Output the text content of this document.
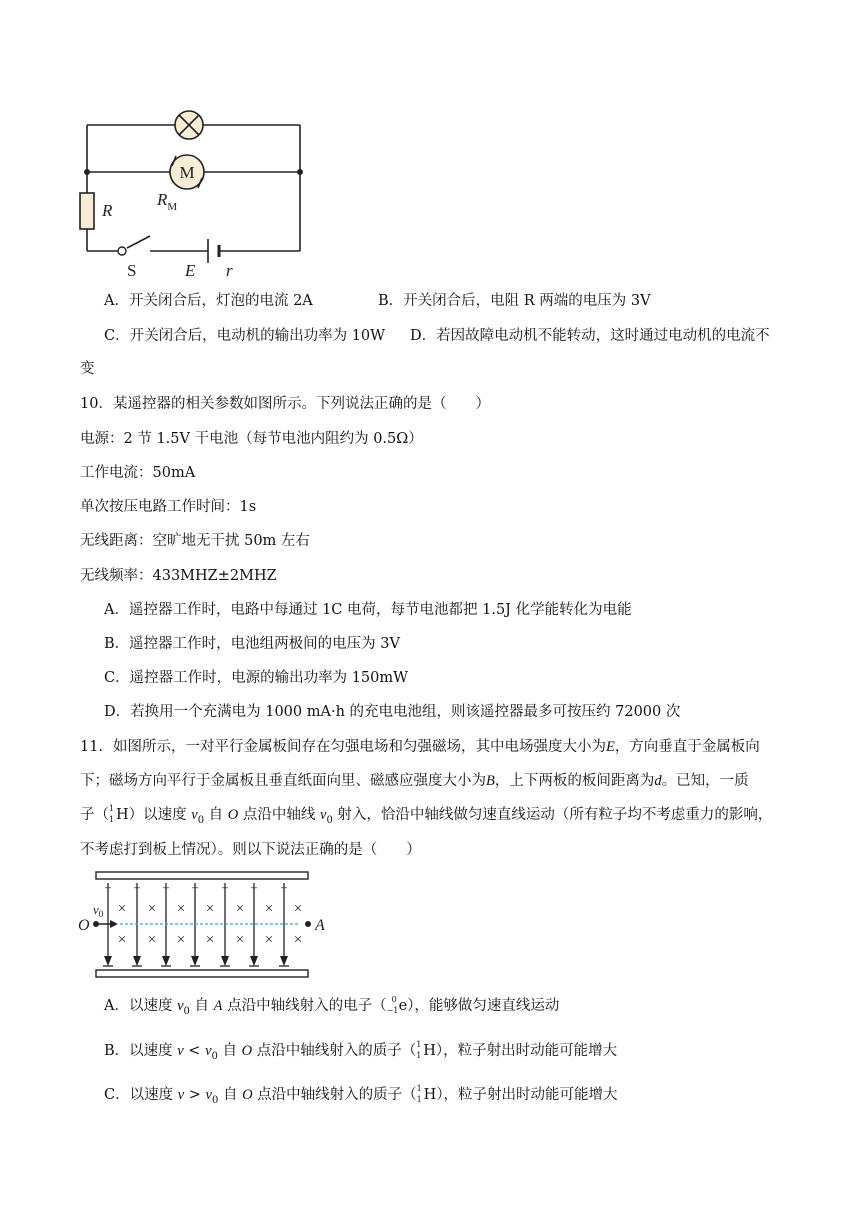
M
R
$R_M$
S	E r
A．开关闭合后，灯泡的电流 2A	B．开关闭合后，电阻 R 两端的电压为 3V
C．开关闭合后，电动机的输出功率为 10W D．若因故障电动机不能转动，这时通过电动机的电流不
变
10．某遥控器的相关参数如图所示。下列说法正确的是（　　）
电源：2 节 1.5V 干电池（每节电池内阻约为 0.5Ω）
工作电流：50mA
单次按压电路工作时间：1s
无线距离：空旷地无干扰 50m 左右
无线频率：433MHZ±2MHZ
A．遥控器工作时，电路中每通过 1C 电荷，每节电池都把 1.5J 化学能转化为电能
B．遥控器工作时，电池组两极间的电压为 3V
C．遥控器工作时，电源的输出功率为 150mW
D．若换用一个充满电为 1000 mA·h 的充电电池组，则该遥控器最多可按压约 72000 次
11．如图所示，一对平行金属板间存在匀强电场和匀强磁场，其中电场强度大小为E，方向垂直于金属板向
下；磁场方向平行于金属板且垂直纸面向里、磁感应强度大小为B，上下两板的板间距离为d。已知，一质
子（ 1
1 H）以速度 $v_0$ 自 O 点沿中轴线 $v_0$ 射入，恰沿中轴线做匀速直线运动（所有粒子均不考虑重力的影响，
不考虑打到板上情况）。则以下说法正确的是（　　）
+ + + + + + +
× × × × × × ×
× × × × × × ×
O	A
$v_0$
A．以速度 $v_0$ 自 A 点沿中轴线射入的电子（ 0
−1 e），能够做匀速直线运动
B．以速度 $v < v_0$ 自 O 点沿中轴线射入的质子（ 1
1 H），粒子射出时动能可能增大
C．以速度 $v > v_0$ 自 O 点沿中轴线射入的质子（ 1
1 H），粒子射出时动能可能增大
